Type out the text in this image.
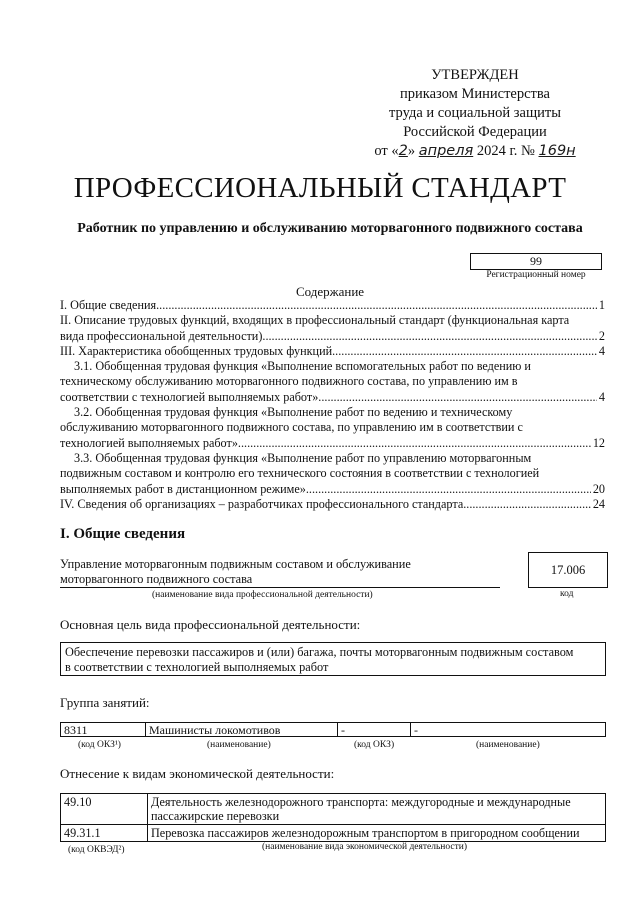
УТВЕРЖДЕН
приказом Министерства
труда и социальной защиты
Российской Федерации
от «2» апреля 2024 г. № 169н
ПРОФЕССИОНАЛЬНЫЙ СТАНДАРТ
Работник по управлению и обслуживанию моторвагонного подвижного состава
99
Регистрационный номер
Содержание
I. Общие сведения .....	1
II. Описание трудовых функций, входящих в профессиональный стандарт (функциональная карта
вида профессиональной деятельности) .....	2
III. Характеристика обобщенных трудовых функций .....	4
3.1. Обобщенная трудовая функция «Выполнение вспомогательных работ по ведению и
техническому обслуживанию моторвагонного подвижного состава, по управлению им в
соответствии с технологией выполняемых работ» .....	4
3.2. Обобщенная трудовая функция «Выполнение работ по ведению и техническому
обслуживанию моторвагонного подвижного состава, по управлению им в соответствии с
технологией выполняемых работ» .....	12
3.3. Обобщенная трудовая функция «Выполнение работ по управлению моторвагонным
подвижным составом и контролю его технического состояния в соответствии с технологией
выполняемых работ в дистанционном режиме» .....	20
IV. Сведения об организациях – разработчиках профессионального стандарта .....	24
I. Общие сведения
Управление моторвагонным подвижным составом и обслуживание
моторвагонного подвижного состава
(наименование вида профессиональной деятельности)
17.006
код
Основная цель вида профессиональной деятельности:
Обеспечение перевозки пассажиров и (или) багажа, почты моторвагонным подвижным составом
в соответствии с технологией выполняемых работ
Группа занятий:
8311	Машинисты локомотивов	-	-
(код ОКЗ¹)	(наименование)	(код ОКЗ)	(наименование)
Отнесение к видам экономической деятельности:
49.10	Деятельность железнодорожного транспорта: междугородные и международные пассажирские перевозки
49.31.1	Перевозка пассажиров железнодорожным транспортом в пригородном сообщении
(код ОКВЭД²)	(наименование вида экономической деятельности)
